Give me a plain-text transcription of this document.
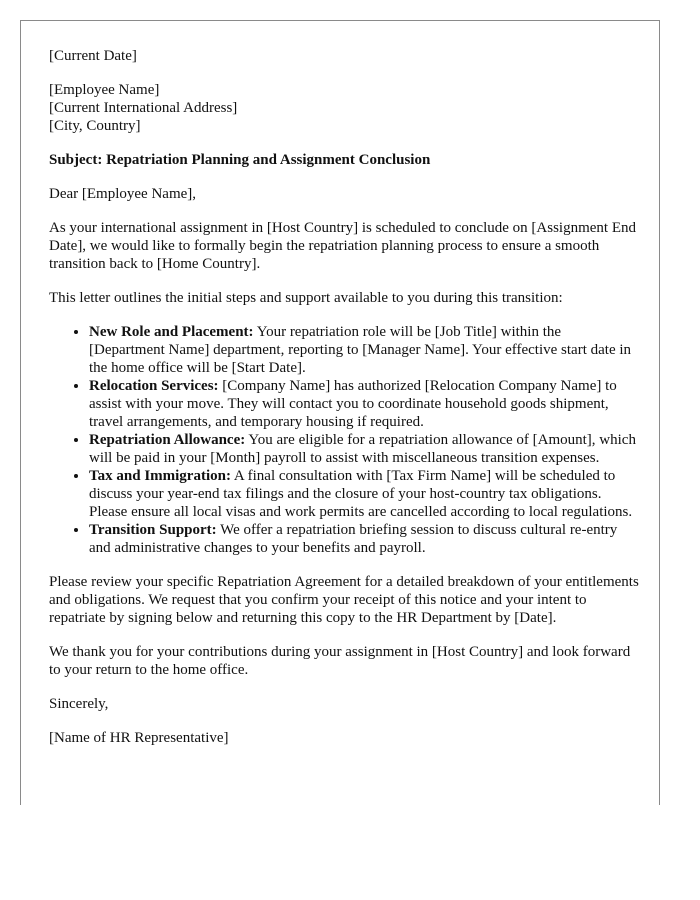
[Current Date]

[Employee Name]
[Current International Address]
[City, Country]

Subject: Repatriation Planning and Assignment Conclusion

Dear [Employee Name],

As your international assignment in [Host Country] is scheduled to conclude on [Assignment End Date], we would like to formally begin the repatriation planning process to ensure a smooth transition back to [Home Country].

This letter outlines the initial steps and support available to you during this transition:

• New Role and Placement: Your repatriation role will be [Job Title] within the [Department Name] department, reporting to [Manager Name]. Your effective start date in the home office will be [Start Date].
• Relocation Services: [Company Name] has authorized [Relocation Company Name] to assist with your move. They will contact you to coordinate household goods shipment, travel arrangements, and temporary housing if required.
• Repatriation Allowance: You are eligible for a repatriation allowance of [Amount], which will be paid in your [Month] payroll to assist with miscellaneous transition expenses.
• Tax and Immigration: A final consultation with [Tax Firm Name] will be scheduled to discuss your year-end tax filings and the closure of your host-country tax obligations. Please ensure all local visas and work permits are cancelled according to local regulations.
• Transition Support: We offer a repatriation briefing session to discuss cultural re-entry and administrative changes to your benefits and payroll.

Please review your specific Repatriation Agreement for a detailed breakdown of your entitlements and obligations. We request that you confirm your receipt of this notice and your intent to repatriate by signing below and returning this copy to the HR Department by [Date].

We thank you for your contributions during your assignment in [Host Country] and look forward to your return to the home office.

Sincerely,

[Name of HR Representative]
